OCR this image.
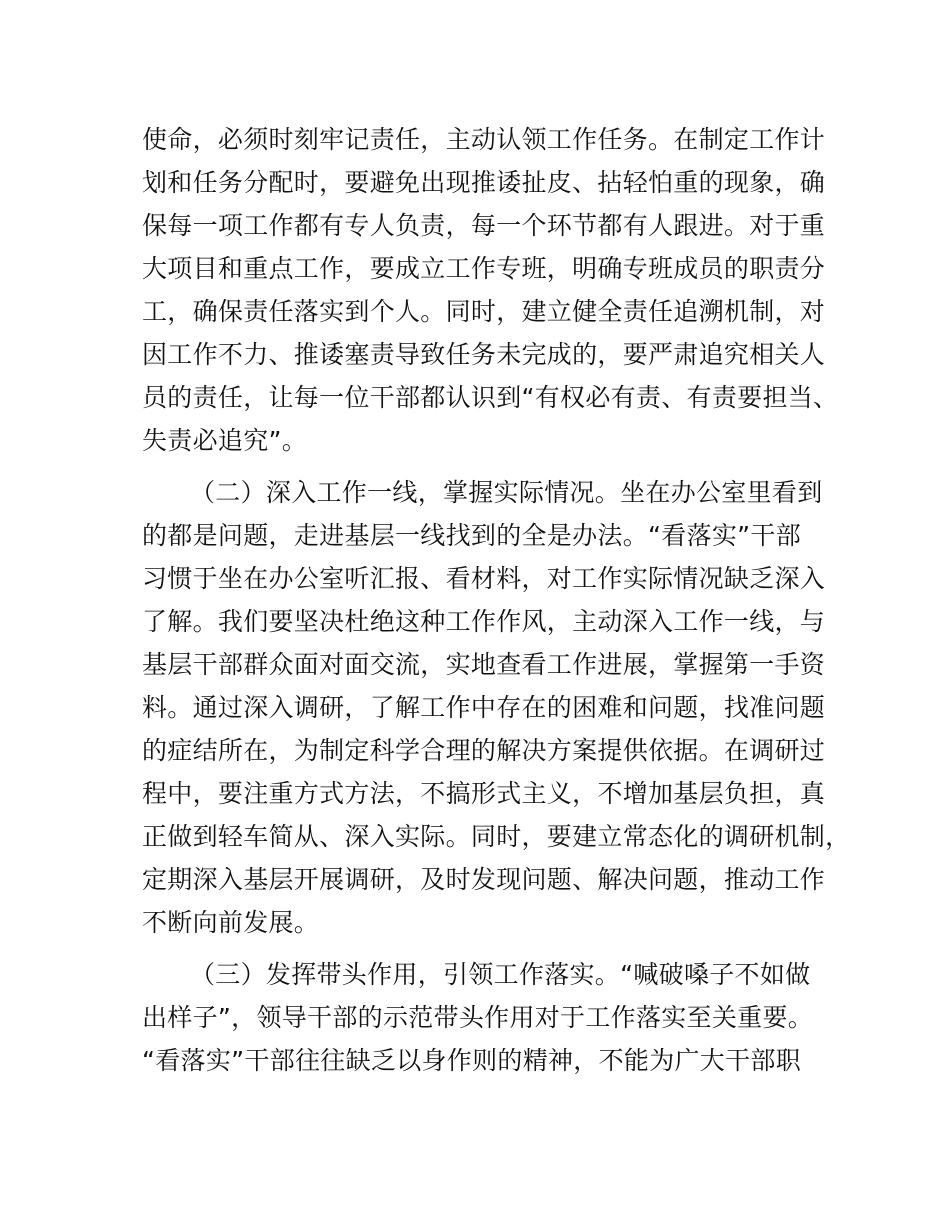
使命，必须时刻牢记责任，主动认领工作任务。在制定工作计
划和任务分配时，要避免出现推诿扯皮、拈轻怕重的现象，确
保每一项工作都有专人负责，每一个环节都有人跟进。对于重
大项目和重点工作，要成立工作专班，明确专班成员的职责分
工，确保责任落实到个人。同时，建立健全责任追溯机制，对
因工作不力、推诿塞责导致任务未完成的，要严肃追究相关人
员的责任，让每一位干部都认识到“有权必有责、有责要担当、
失责必追究”。
（二）深入工作一线，掌握实际情况。坐在办公室里看到
的都是问题，走进基层一线找到的全是办法。“看落实”干部
习惯于坐在办公室听汇报、看材料，对工作实际情况缺乏深入
了解。我们要坚决杜绝这种工作作风，主动深入工作一线，与
基层干部群众面对面交流，实地查看工作进展，掌握第一手资
料。通过深入调研，了解工作中存在的困难和问题，找准问题
的症结所在，为制定科学合理的解决方案提供依据。在调研过
程中，要注重方式方法，不搞形式主义，不增加基层负担，真
正做到轻车简从、深入实际。同时，要建立常态化的调研机制，
定期深入基层开展调研，及时发现问题、解决问题，推动工作
不断向前发展。
（三）发挥带头作用，引领工作落实。“喊破嗓子不如做
出样子”，领导干部的示范带头作用对于工作落实至关重要。
“看落实”干部往往缺乏以身作则的精神，不能为广大干部职
